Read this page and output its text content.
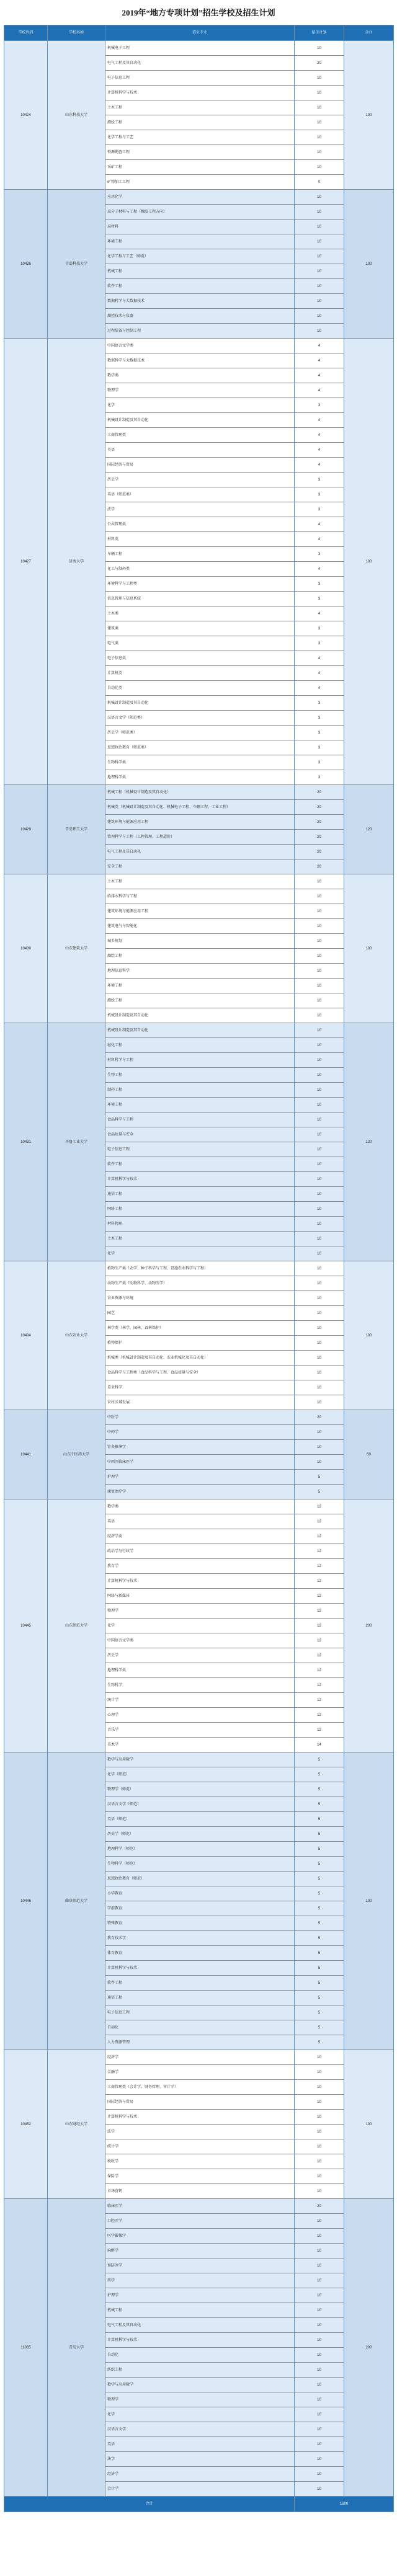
2019年“地方专项计划”招生学校及招生计划
学校代码	学校名称	招生专业	招生计划	合计
10424	山东科技大学	机械电子工程	10	100
		电气工程及其自动化	20	
		电子信息工程	10	
		计算机科学与技术	10	
		土木工程	10	
		测绘工程	10	
		化学工程与工艺	10	
		资源勘查工程	10	
		采矿工程	10	
		矿物加工工程	0	
10426	青岛科技大学	应用化学	10	100
		高分子材料与工程（橡胶工程方向）	10	
		高材料	10	
		环境工程	10	
		化学工程与工艺（师范）	10	
		机械工程	10	
		软件工程	10	
		数据科学与大数据技术	10	
		测控技术与仪器	10	
		过程装备与控制工程	10	
10427	济南大学	中国语言文学类	4	100
		数据科学与大数据技术	4	
		数学类	4	
		物理学	4	
		化学	3	
		机械设计制造及其自动化	4	
		工商管理类	4	
		英语	4	
		国际经济与贸易	4	
		历史学	3	
		英语（师范类）	3	
		法学	3	
		公共管理类	4	
		材料类	4	
		车辆工程	3	
		化工与制药类	4	
		环境科学与工程类	3	
		信息管理与信息系统	3	
		土木类	4	
		建筑类	3	
		电气类	3	
		电子信息类	4	
		计算机类	4	
		自动化类	4	
		机械设计制造及其自动化	3	
		汉语言文学（师范类）	3	
		历史学（师范类）	3	
		思想政治教育（师范类）	3	
		生物科学类	3	
		地理科学类	3	
10429	青岛理工大学	机械工程（机械设计制造及其自动化）	20	120
		机械类（机械设计制造及其自动化、机械电子工程、车辆工程、工业工程）	20	
		建筑环境与能源应用工程	20	
		管理科学与工程（工程管理、工程造价）	20	
		电气工程及其自动化	20	
		安全工程	20	
10430	山东建筑大学	土木工程	10	100
		给排水科学与工程	10	
		建筑环境与能源应用工程	10	
		建筑电气与智能化	10	
		城乡规划	10	
		测绘工程	10	
		地理信息科学	10	
		环境工程	10	
		测绘工程	10	
		机械设计制造及其自动化	10	
10431	齐鲁工业大学	机械设计制造及其自动化	10	120
		轻化工程	10	
		材料科学与工程	10	
		生物工程	10	
		制药工程	10	
		环境工程	10	
		食品科学与工程	10	
		食品质量与安全	10	
		电子信息工程	10	
		软件工程	10	
		计算机科学与技术	10	
		通信工程	10	
		网络工程	10	
		材料物理	10	
		土木工程	10	
		化学	10	
10434	山东农业大学	植物生产类（农学、种子科学与工程、设施农业科学与工程）	10	100
		动物生产类（动物科学、动物医学）	10	
		农业资源与环境	10	
		园艺	10	
		林学类（林学、园林、森林保护）	10	
		植物保护	10	
		机械类（机械设计制造及其自动化、农业机械化及其自动化）	10	
		食品科学与工程类（食品科学与工程、食品质量与安全）	10	
		草业科学	10	
		农村区域发展	10	
10441	山东中医药大学	中医学	20	60
		中药学	10	
		针灸推拿学	10	
		中西医临床医学	10	
		护理学	5	
		康复治疗学	5	
10445	山东师范大学	数学类	12	200
		英语	12	
		经济学类	12	
		政治学与行政学	12	
		教育学	12	
		计算机科学与技术	12	
		网络与新媒体	12	
		物理学	12	
		化学	12	
		中国语言文学类	12	
		历史学	12	
		地理科学类	12	
		生物科学	12	
		统计学	12	
		心理学	12	
		音乐学	12	
		美术学	14	
10446	曲阜师范大学	数学与应用数学	5	100
		化学（师范）	5	
		物理学（师范）	5	
		汉语言文学（师范）	5	
		英语（师范）	5	
		历史学（师范）	5	
		地理科学（师范）	5	
		生物科学（师范）	5	
		思想政治教育（师范）	5	
		小学教育	5	
		学前教育	5	
		特殊教育	5	
		教育技术学	5	
		体育教育	5	
		计算机科学与技术	5	
		软件工程	5	
		通信工程	5	
		电子信息工程	5	
		自动化	5	
		人力资源管理	5	
10452	山东财经大学	经济学	10	100
		金融学	10	
		工商管理类（会计学、财务管理、审计学）	10	
		国际经济与贸易	10	
		计算机科学与技术	10	
		法学	10	
		统计学	10	
		税收学	10	
		保险学	10	
		市场营销	10	
11065	青岛大学	临床医学	20	200
		口腔医学	10	
		医学影像学	10	
		麻醉学	10	
		预防医学	10	
		药学	10	
		护理学	10	
		机械工程	10	
		电气工程及其自动化	10	
		计算机科学与技术	10	
		自动化	10	
		纺织工程	10	
		数学与应用数学	10	
		物理学	10	
		化学	10	
		汉语言文学	10	
		英语	10	
		法学	10	
		经济学	10	
		会计学	10	
合计			1600	
